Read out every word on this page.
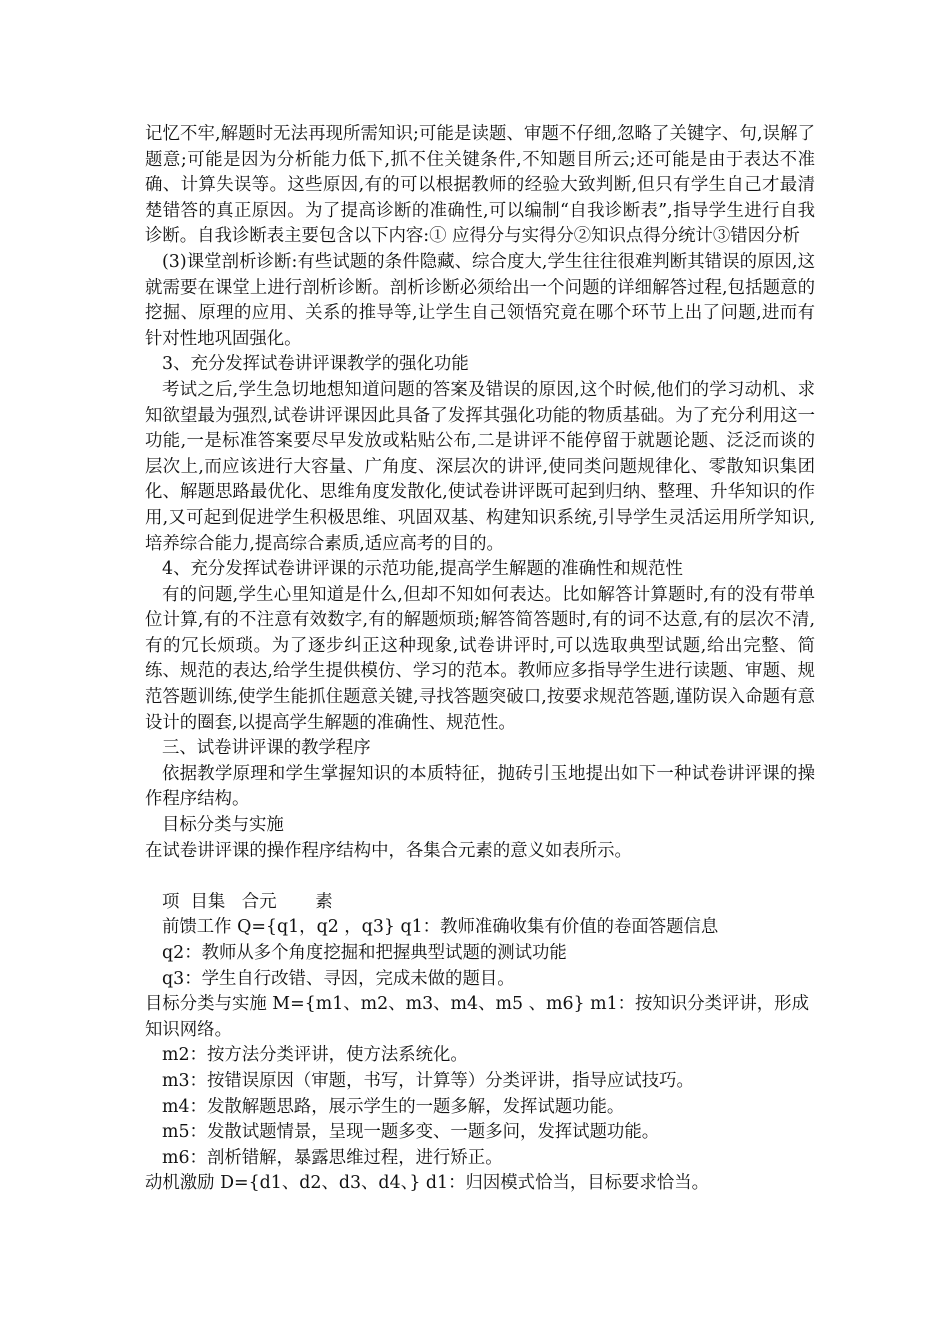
记忆不牢,解题时无法再现所需知识;可能是读题、审题不仔细,忽略了关键字、句,误解了题意;可能是因为分析能力低下,抓不住关键条件,不知题目所云;还可能是由于表达不准确、计算失误等。这些原因,有的可以根据教师的经验大致判断,但只有学生自己才最清楚错答的真正原因。为了提高诊断的准确性,可以编制“自我诊断表”,指导学生进行自我诊断。自我诊断表主要包含以下内容:① 应得分与实得分②知识点得分统计③错因分析

(3)课堂剖析诊断:有些试题的条件隐藏、综合度大,学生往往很难判断其错误的原因,这就需要在课堂上进行剖析诊断。剖析诊断必须给出一个问题的详细解答过程,包括题意的挖掘、原理的应用、关系的推导等,让学生自己领悟究竟在哪个环节上出了问题,进而有针对性地巩固强化。

3、充分发挥试卷讲评课教学的强化功能

考试之后,学生急切地想知道问题的答案及错误的原因,这个时候,他们的学习动机、求知欲望最为强烈,试卷讲评课因此具备了发挥其强化功能的物质基础。为了充分利用这一功能,一是标准答案要尽早发放或粘贴公布,二是讲评不能停留于就题论题、泛泛而谈的层次上,而应该进行大容量、广角度、深层次的讲评,使同类问题规律化、零散知识集团化、解题思路最优化、思维角度发散化,使试卷讲评既可起到归纳、整理、升华知识的作用,又可起到促进学生积极思维、巩固双基、构建知识系统,引导学生灵活运用所学知识,培养综合能力,提高综合素质,适应高考的目的。

4、充分发挥试卷讲评课的示范功能,提高学生解题的准确性和规范性

有的问题,学生心里知道是什么,但却不知如何表达。比如解答计算题时,有的没有带单位计算,有的不注意有效数字,有的解题烦琐;解答简答题时,有的词不达意,有的层次不清,有的冗长烦琐。为了逐步纠正这种现象,试卷讲评时,可以选取典型试题,给出完整、简练、规范的表达,给学生提供模仿、学习的范本。教师应多指导学生进行读题、审题、规范答题训练,使学生能抓住题意关键,寻找答题突破口,按要求规范答题,谨防误入命题有意设计的圈套,以提高学生解题的准确性、规范性。

三、试卷讲评课的教学程序

依据教学原理和学生掌握知识的本质特征，抛砖引玉地提出如下一种试卷讲评课的操作程序结构。

目标分类与实施

在试卷讲评课的操作程序结构中，各集合元素的意义如表所示。

项  目集   合元       素

前馈工作 Q={q1，q2 ，q3} q1：教师准确收集有价值的卷面答题信息

q2：教师从多个角度挖掘和把握典型试题的测试功能

q3：学生自行改错、寻因，完成未做的题目。

目标分类与实施 M={m1、m2、m3、m4、m5 、m6} m1：按知识分类评讲，形成知识网络。

m2：按方法分类评讲，使方法系统化。

m3：按错误原因（审题，书写，计算等）分类评讲，指导应试技巧。

m4：发散解题思路，展示学生的一题多解，发挥试题功能。

m5：发散试题情景，呈现一题多变、一题多问，发挥试题功能。

m6：剖析错解，暴露思维过程，进行矫正。

动机激励 D={d1、d2、d3、d4、} d1：归因模式恰当，目标要求恰当。
